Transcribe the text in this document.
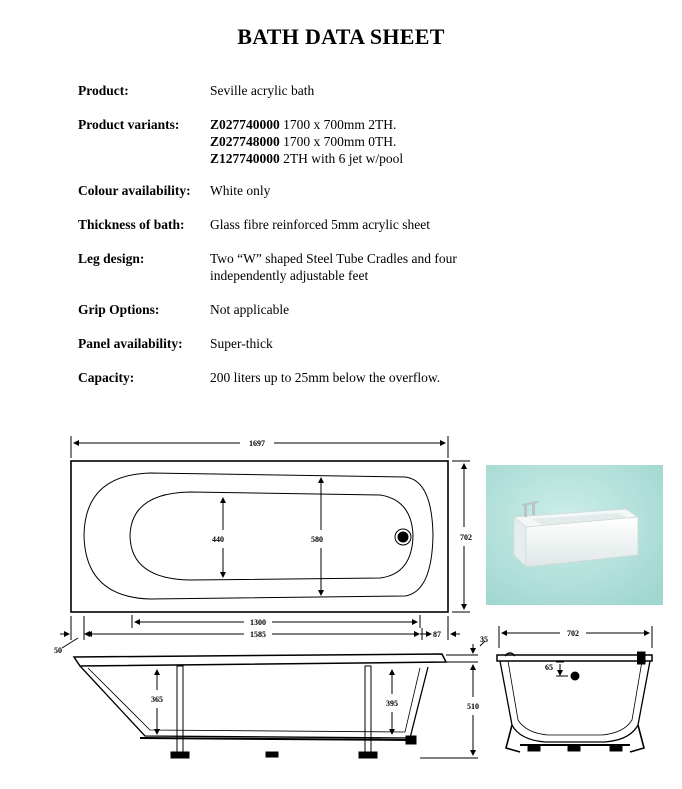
BATH DATA SHEET
Product:	Seville acrylic bath
Product variants:	Z027740000 1700 x 700mm 2TH.
Z027748000 1700 x 700mm 0TH.
Z127740000 2TH with 6 jet w/pool
Colour availability:	White only
Thickness of bath:	Glass fibre reinforced 5mm acrylic sheet
Leg design:	Two “W” shaped Steel Tube Cradles and four independently adjustable feet
Grip Options:	Not applicable
Panel availability:	Super-thick
Capacity:	200 liters up to 25mm below the overflow.
1697
440	580	702
1300
1585	87
50
365	395
35
510
702
65
